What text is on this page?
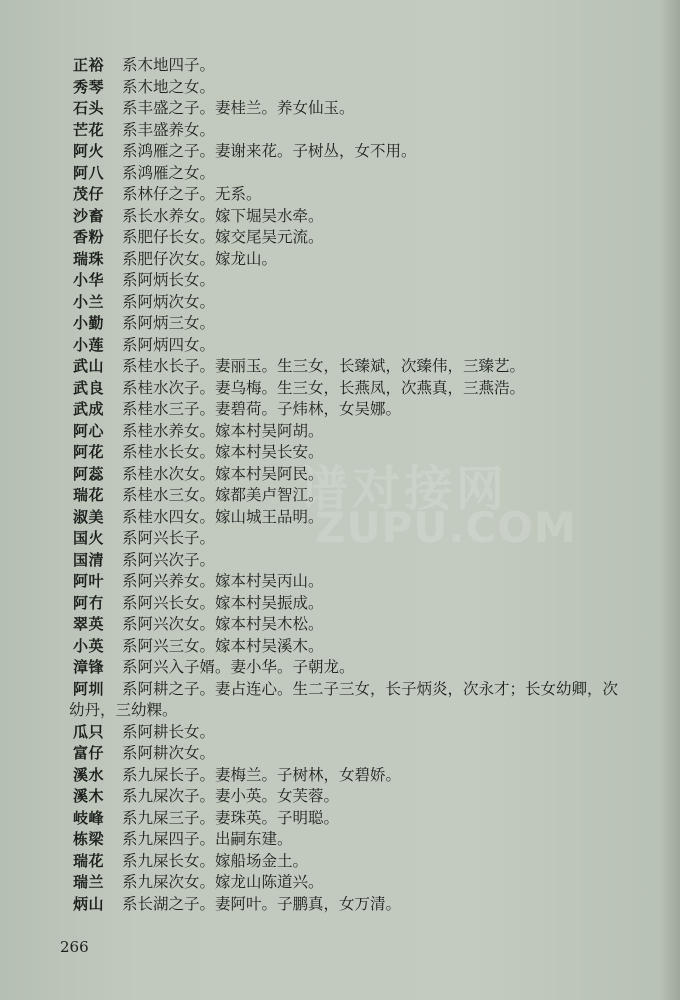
谱对接网
ZUPU.COM
正裕	系木地四子。
秀琴	系木地之女。
石头	系丰盛之子。妻桂兰。养女仙玉。
芒花	系丰盛养女。
阿火	系鸿雁之子。妻谢来花。子树丛，女不用。
阿八	系鸿雁之女。
茂仔	系林仔之子。无系。
沙畜	系长水养女。嫁下堀吴水牵。
香粉	系肥仔长女。嫁交尾吴元流。
瑞珠	系肥仔次女。嫁龙山。
小华	系阿炳长女。
小兰	系阿炳次女。
小勤	系阿炳三女。
小莲	系阿炳四女。
武山	系桂水长子。妻丽玉。生三女，长臻斌，次臻伟，三臻艺。
武良	系桂水次子。妻乌梅。生三女，长燕凤，次燕真，三燕浩。
武成	系桂水三子。妻碧荷。子炜林，女吴娜。
阿心	系桂水养女。嫁本村吴阿胡。
阿花	系桂水长女。嫁本村吴长安。
阿蕊	系桂水次女。嫁本村吴阿民。
瑞花	系桂水三女。嫁都美卢智江。
淑美	系桂水四女。嫁山城王品明。
国火	系阿兴长子。
国清	系阿兴次子。
阿叶	系阿兴养女。嫁本村吴丙山。
阿冇	系阿兴长女。嫁本村吴振成。
翠英	系阿兴次女。嫁本村吴木松。
小英	系阿兴三女。嫁本村吴溪木。
漳锋	系阿兴入子婿。妻小华。子朝龙。
阿圳	系阿耕之子。妻占连心。生二子三女，长子炳炎，次永才；长女幼卿，次幼丹，三幼粿。
瓜只	系阿耕长女。
富仔	系阿耕次女。
溪水	系九屎长子。妻梅兰。子树林，女碧娇。
溪木	系九屎次子。妻小英。女芙蓉。
岐峰	系九屎三子。妻珠英。子明聪。
栋梁	系九屎四子。出嗣东建。
瑞花	系九屎长女。嫁船场金土。
瑞兰	系九屎次女。嫁龙山陈道兴。
炳山	系长湖之子。妻阿叶。子鹏真，女万清。
266
